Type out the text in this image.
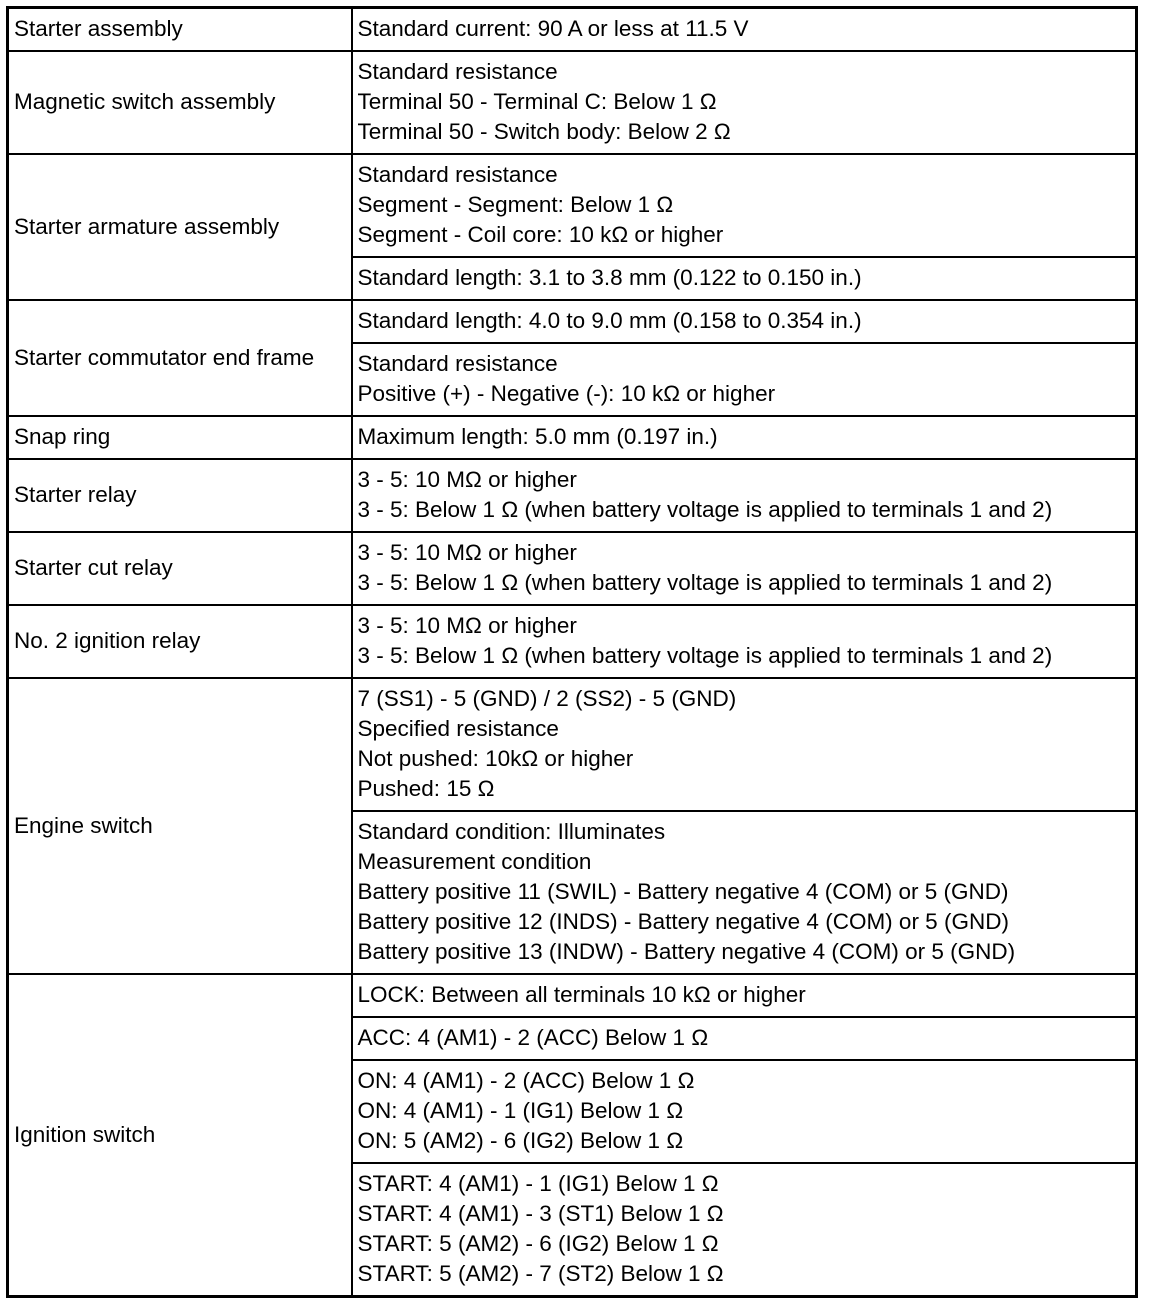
Starter assembly	Standard current: 90 A or less at 11.5 V

Magnetic switch assembly	Standard resistance
Terminal 50 - Terminal C: Below 1 Ω
Terminal 50 - Switch body: Below 2 Ω

Starter armature assembly	Standard resistance
Segment - Segment: Below 1 Ω
Segment - Coil core: 10 kΩ or higher

	Standard length: 3.1 to 3.8 mm (0.122 to 0.150 in.)

Starter commutator end frame	Standard length: 4.0 to 9.0 mm (0.158 to 0.354 in.)

	Standard resistance
Positive (+) - Negative (-): 10 kΩ or higher

Snap ring	Maximum length: 5.0 mm (0.197 in.)

Starter relay	3 - 5: 10 MΩ or higher
3 - 5: Below 1 Ω (when battery voltage is applied to terminals 1 and 2)

Starter cut relay	3 - 5: 10 MΩ or higher
3 - 5: Below 1 Ω (when battery voltage is applied to terminals 1 and 2)

No. 2 ignition relay	3 - 5: 10 MΩ or higher
3 - 5: Below 1 Ω (when battery voltage is applied to terminals 1 and 2)

Engine switch	7 (SS1) - 5 (GND) / 2 (SS2) - 5 (GND)
Specified resistance
Not pushed: 10kΩ or higher
Pushed: 15 Ω

	Standard condition: Illuminates
Measurement condition
Battery positive 11 (SWIL) - Battery negative 4 (COM) or 5 (GND)
Battery positive 12 (INDS) - Battery negative 4 (COM) or 5 (GND)
Battery positive 13 (INDW) - Battery negative 4 (COM) or 5 (GND)

Ignition switch	LOCK: Between all terminals 10 kΩ or higher

	ACC: 4 (AM1) - 2 (ACC) Below 1 Ω

	ON: 4 (AM1) - 2 (ACC) Below 1 Ω
ON: 4 (AM1) - 1 (IG1) Below 1 Ω
ON: 5 (AM2) - 6 (IG2) Below 1 Ω

	START: 4 (AM1) - 1 (IG1) Below 1 Ω
START: 4 (AM1) - 3 (ST1) Below 1 Ω
START: 5 (AM2) - 6 (IG2) Below 1 Ω
START: 5 (AM2) - 7 (ST2) Below 1 Ω
